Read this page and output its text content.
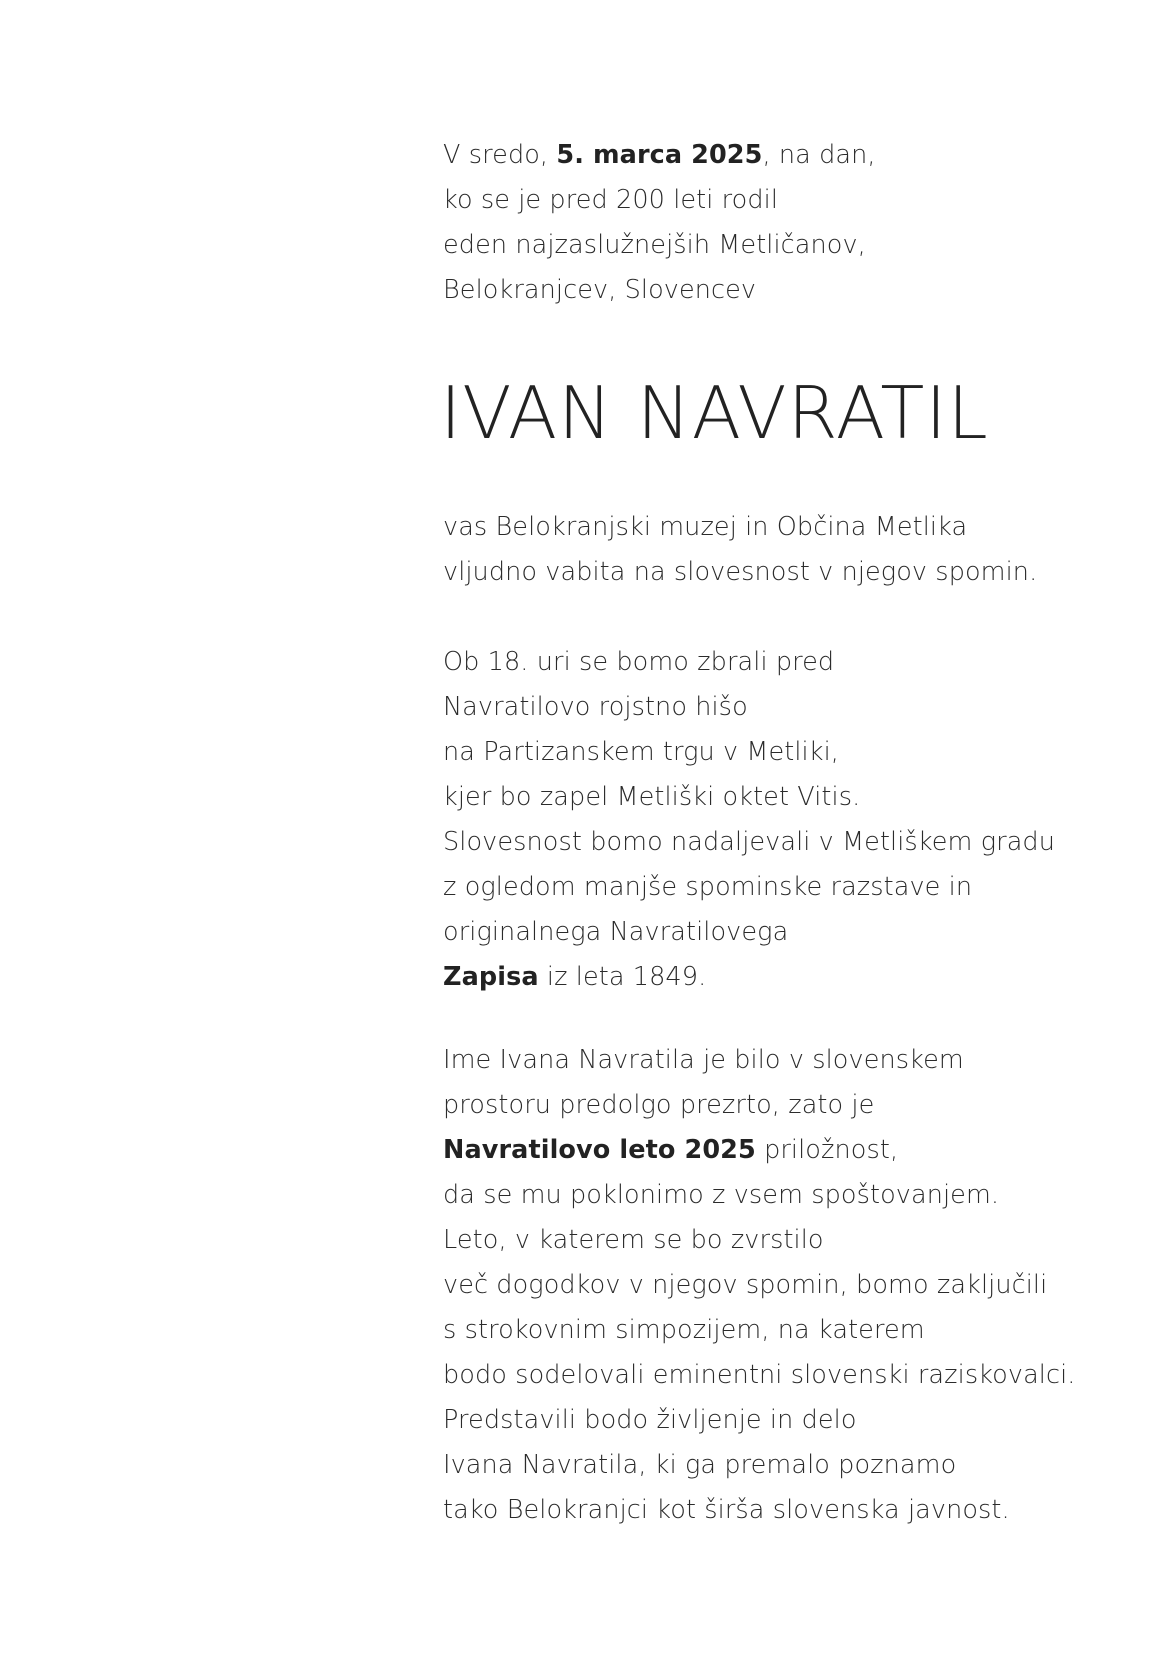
V sredo, 5. marca 2025, na dan,
ko se je pred 200 leti rodil
eden najzaslužnejših Metličanov,
Belokranjcev, Slovencev
IVAN NAVRATIL
vas Belokranjski muzej in Občina Metlika
vljudno vabita na slovesnost v njegov spomin.
Ob 18. uri se bomo zbrali pred
Navratilovo rojstno hišo
na Partizanskem trgu v Metliki,
kjer bo zapel Metliški oktet Vitis.
Slovesnost bomo nadaljevali v Metliškem gradu
z ogledom manjše spominske razstave in
originalnega Navratilovega
Zapisa iz leta 1849.
Ime Ivana Navratila je bilo v slovenskem
prostoru predolgo prezrto, zato je
Navratilovo leto 2025 priložnost,
da se mu poklonimo z vsem spoštovanjem.
Leto, v katerem se bo zvrstilo
več dogodkov v njegov spomin, bomo zaključili
s strokovnim simpozijem, na katerem
bodo sodelovali eminentni slovenski raziskovalci.
Predstavili bodo življenje in delo
Ivana Navratila, ki ga premalo poznamo
tako Belokranjci kot širša slovenska javnost.
